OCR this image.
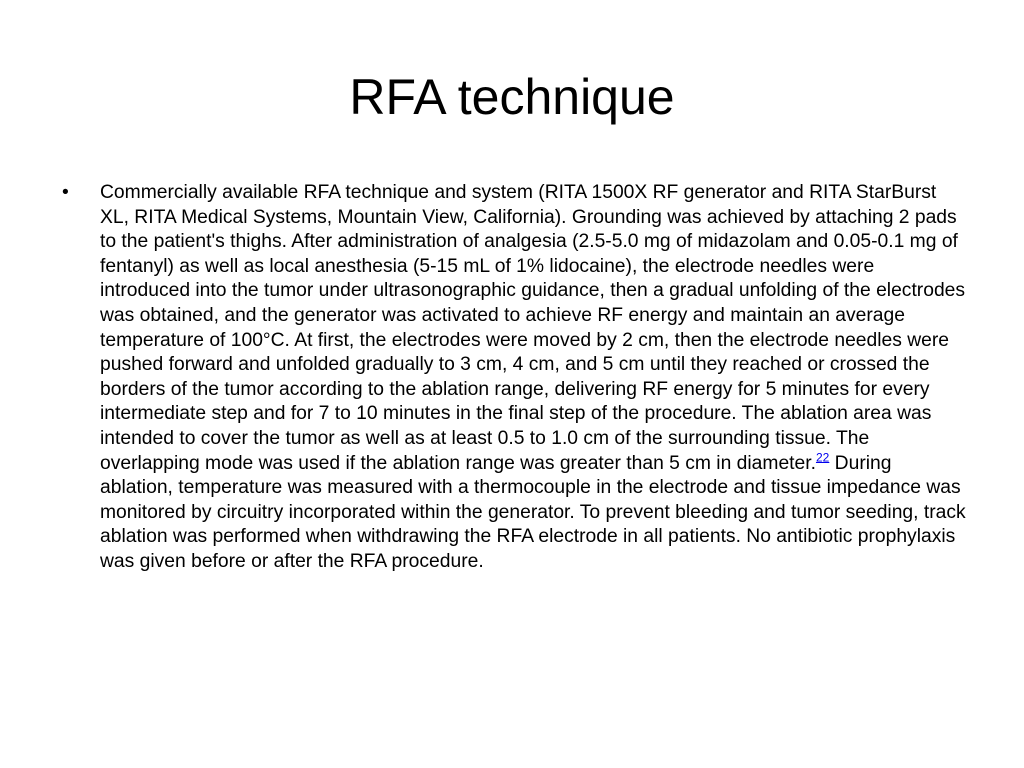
RFA technique
•	Commercially available RFA technique and system (RITA 1500X RF generator and RITA StarBurst XL, RITA Medical Systems, Mountain View, California). Grounding was achieved by attaching 2 pads to the patient's thighs. After administration of analgesia (2.5-5.0 mg of midazolam and 0.05-0.1 mg of fentanyl) as well as local anesthesia (5-15 mL of 1% lidocaine), the electrode needles were introduced into the tumor under ultrasonographic guidance, then a gradual unfolding of the electrodes was obtained, and the generator was activated to achieve RF energy and maintain an average temperature of 100°C. At first, the electrodes were moved by 2 cm, then the electrode needles were pushed forward and unfolded gradually to 3 cm, 4 cm, and 5 cm until they reached or crossed the borders of the tumor according to the ablation range, delivering RF energy for 5 minutes for every intermediate step and for 7 to 10 minutes in the final step of the procedure. The ablation area was intended to cover the tumor as well as at least 0.5 to 1.0 cm of the surrounding tissue. The overlapping mode was used if the ablation range was greater than 5 cm in diameter.$^{22}$ During ablation, temperature was measured with a thermocouple in the electrode and tissue impedance was monitored by circuitry incorporated within the generator. To prevent bleeding and tumor seeding, track ablation was performed when withdrawing the RFA electrode in all patients. No antibiotic prophylaxis was given before or after the RFA procedure.
